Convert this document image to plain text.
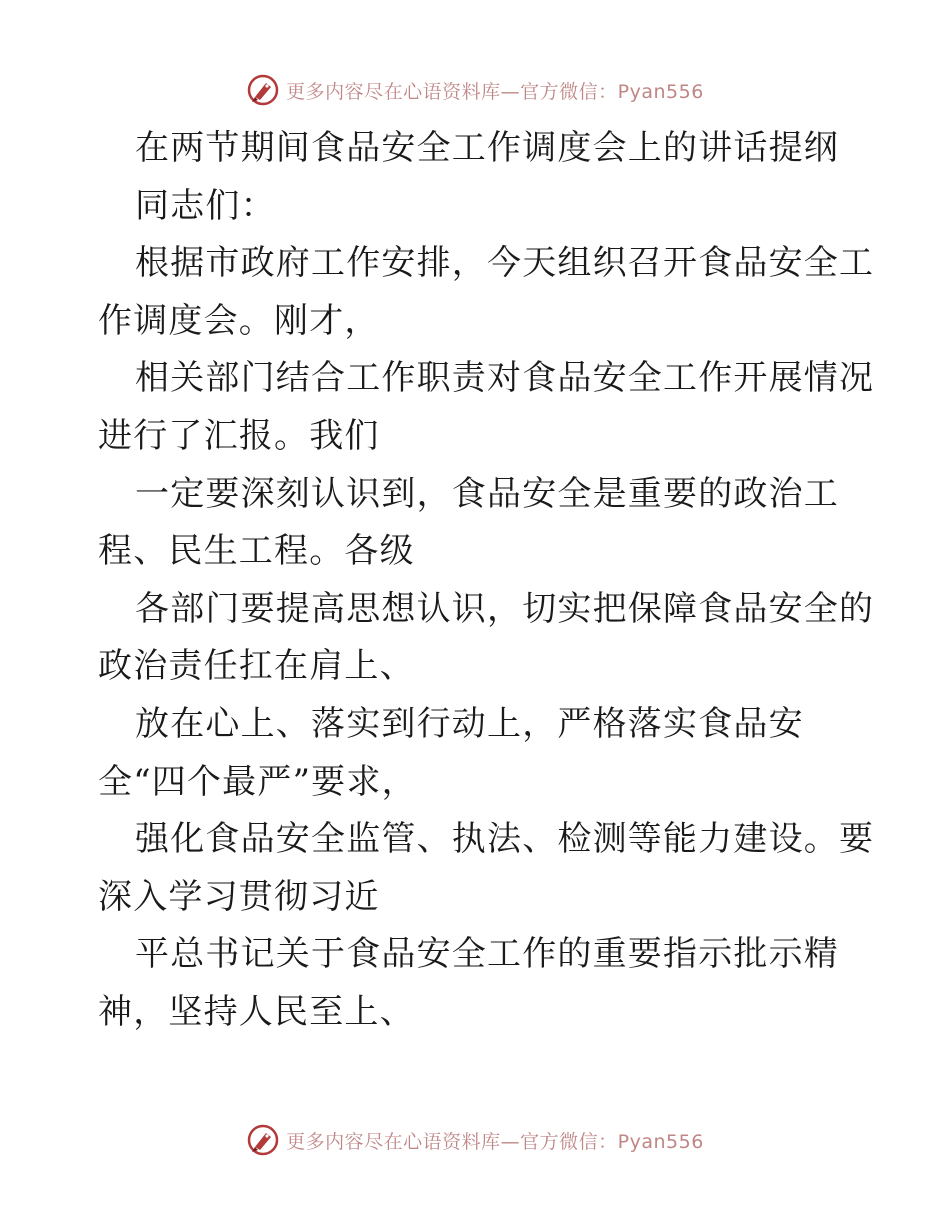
更多内容尽在心语资料库—官方微信：Pyan556
在两节期间食品安全工作调度会上的讲话提纲
同志们：
根据市政府工作安排，今天组织召开食品安全工
作调度会。刚才，
相关部门结合工作职责对食品安全工作开展情况
进行了汇报。我们
一定要深刻认识到，食品安全是重要的政治工
程、民生工程。各级
各部门要提高思想认识，切实把保障食品安全的
政治责任扛在肩上、
放在心上、落实到行动上，严格落实食品安
全“四个最严”要求，
强化食品安全监管、执法、检测等能力建设。要
深入学习贯彻习近
平总书记关于食品安全工作的重要指示批示精
神，坚持人民至上、
更多内容尽在心语资料库—官方微信：Pyan556
